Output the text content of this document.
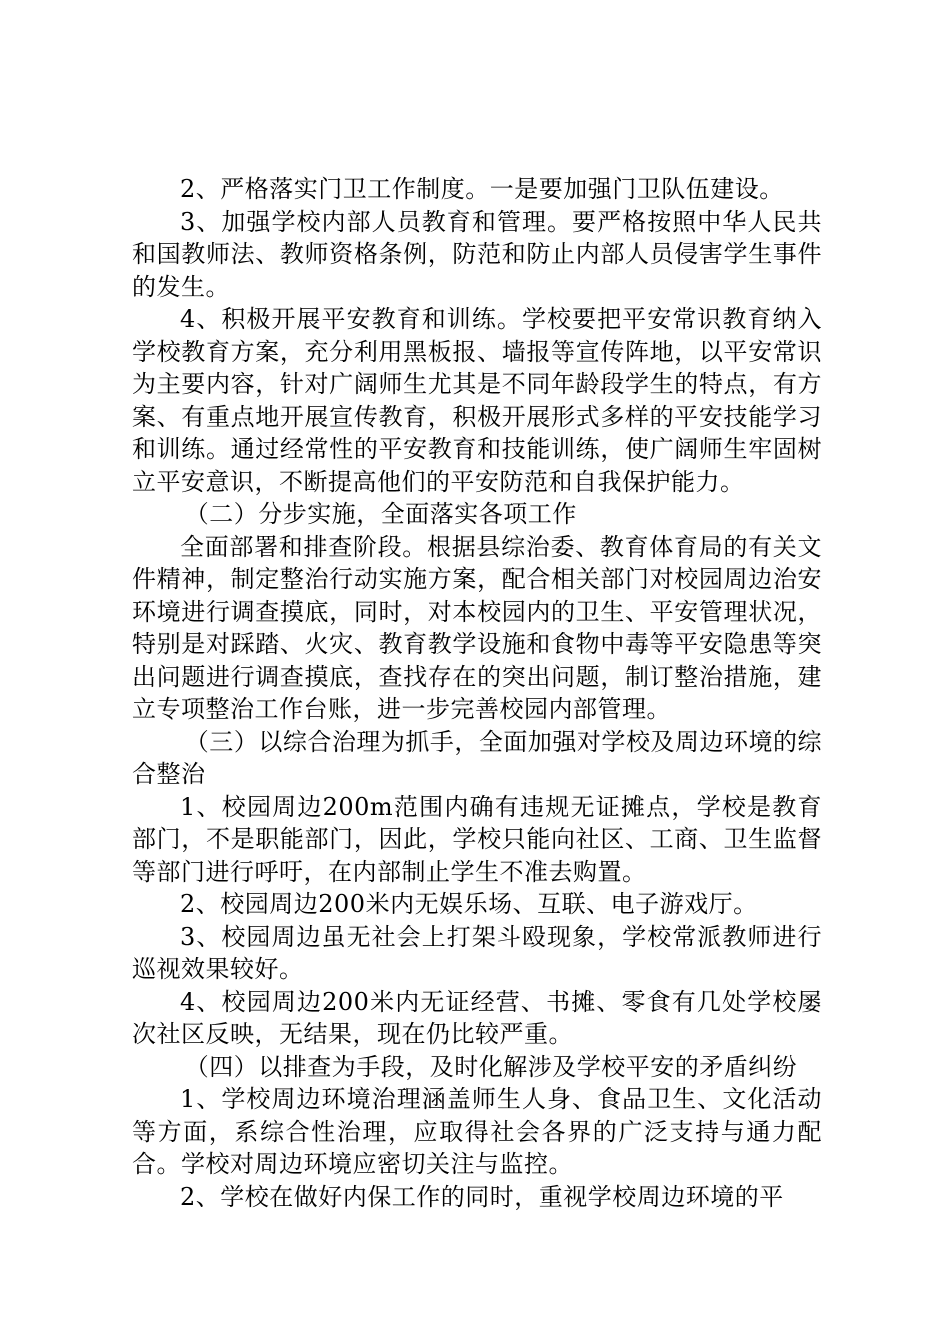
2、严格落实门卫工作制度。一是要加强门卫队伍建设。

3、加强学校内部人员教育和管理。要严格按照中华人民共和国教师法、教师资格条例，防范和防止内部人员侵害学生事件的发生。

4、积极开展平安教育和训练。学校要把平安常识教育纳入学校教育方案，充分利用黑板报、墙报等宣传阵地，以平安常识为主要内容，针对广阔师生尤其是不同年龄段学生的特点，有方案、有重点地开展宣传教育，积极开展形式多样的平安技能学习和训练。通过经常性的平安教育和技能训练，使广阔师生牢固树立平安意识，不断提高他们的平安防范和自我保护能力。

（二）分步实施，全面落实各项工作

全面部署和排查阶段。根据县综治委、教育体育局的有关文件精神，制定整治行动实施方案，配合相关部门对校园周边治安环境进行调查摸底，同时，对本校园内的卫生、平安管理状况，特别是对踩踏、火灾、教育教学设施和食物中毒等平安隐患等突出问题进行调查摸底，查找存在的突出问题，制订整治措施，建立专项整治工作台账，进一步完善校园内部管理。

（三）以综合治理为抓手，全面加强对学校及周边环境的综合整治

1、校园周边200m范围内确有违规无证摊点，学校是教育部门，不是职能部门，因此，学校只能向社区、工商、卫生监督等部门进行呼吁，在内部制止学生不准去购置。

2、校园周边200米内无娱乐场、互联、电子游戏厅。

3、校园周边虽无社会上打架斗殴现象，学校常派教师进行巡视效果较好。

4、校园周边200米内无证经营、书摊、零食有几处学校屡次社区反映，无结果，现在仍比较严重。

（四）以排查为手段，及时化解涉及学校平安的矛盾纠纷

1、学校周边环境治理涵盖师生人身、食品卫生、文化活动等方面，系综合性治理，应取得社会各界的广泛支持与通力配合。学校对周边环境应密切关注与监控。

2、学校在做好内保工作的同时，重视学校周边环境的平
